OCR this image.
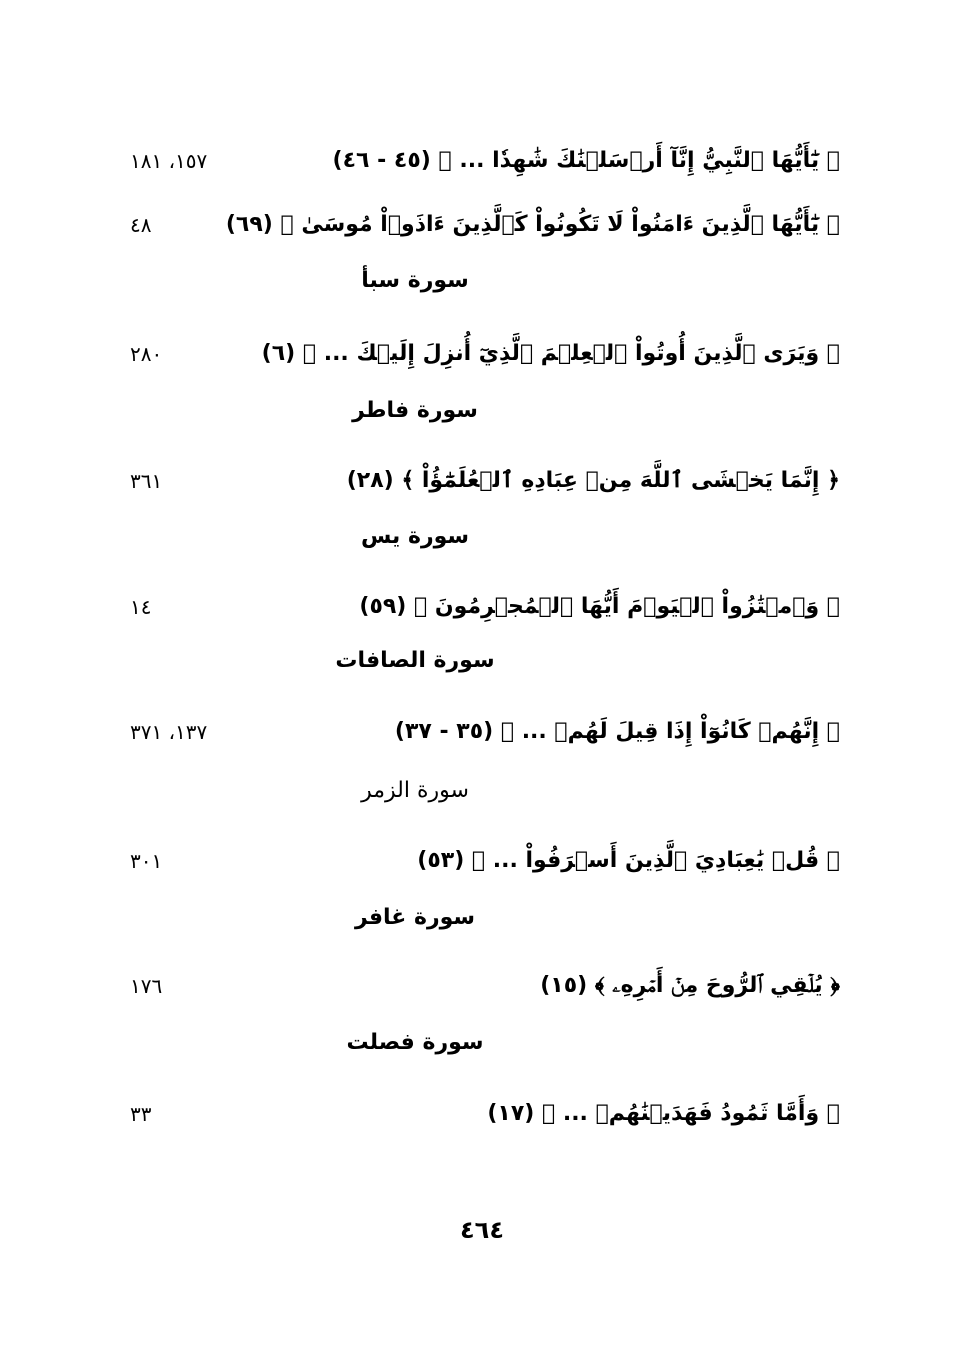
﴿ يَٰٓأَيُّهَا ٱلنَّبِيُّ إِنَّآ أَرۡسَلۡنَٰكَ شَٰهِدٗا ... ﴾ (٤٥ - ٤٦)
١٥٧، ١٨١
﴿ يَٰٓأَيُّهَا ٱلَّذِينَ ءَامَنُواْ لَا تَكُونُواْ كَٱلَّذِينَ ءَاذَوۡاْ مُوسَىٰ ﴾ (٦٩)
٤٨
سورة سبأ
﴿ وَيَرَى ٱلَّذِينَ أُوتُواْ ٱلۡعِلۡمَ ٱلَّذِيٓ أُنزِلَ إِلَيۡكَ ... ﴾ (٦)
٢٨٠
سورة فاطر
﴿ إِنَّمَا يَخۡشَى ٱللَّهَ مِنۡ عِبَادِهِ ٱلۡعُلَمَٰٓؤُاْ ﴾ (٢٨)
٣٦١
سورة يس
﴿ وَٱمۡتَٰزُواْ ٱلۡيَوۡمَ أَيُّهَا ٱلۡمُجۡرِمُونَ ﴾ (٥٩)
١٤
سورة الصافات
﴿ إِنَّهُمۡ كَانُوٓاْ إِذَا قِيلَ لَهُمۡ ... ﴾ (٣٥ - ٣٧)
١٣٧، ٣٧١
سورة الزمر
﴿ قُلۡ يَٰعِبَادِيَ ٱلَّذِينَ أَسۡرَفُواْ ... ﴾ (٥٣)
٣٠١
سورة غافر
﴿ يُلۡقِي ٱلرُّوحَ مِنۡ أَمۡرِهِۦ ﴾ (١٥)
١٧٦
سورة فصلت
﴿ وَأَمَّا ثَمُودُ فَهَدَيۡنَٰهُمۡ ... ﴾ (١٧)
٣٣
٤٦٤
